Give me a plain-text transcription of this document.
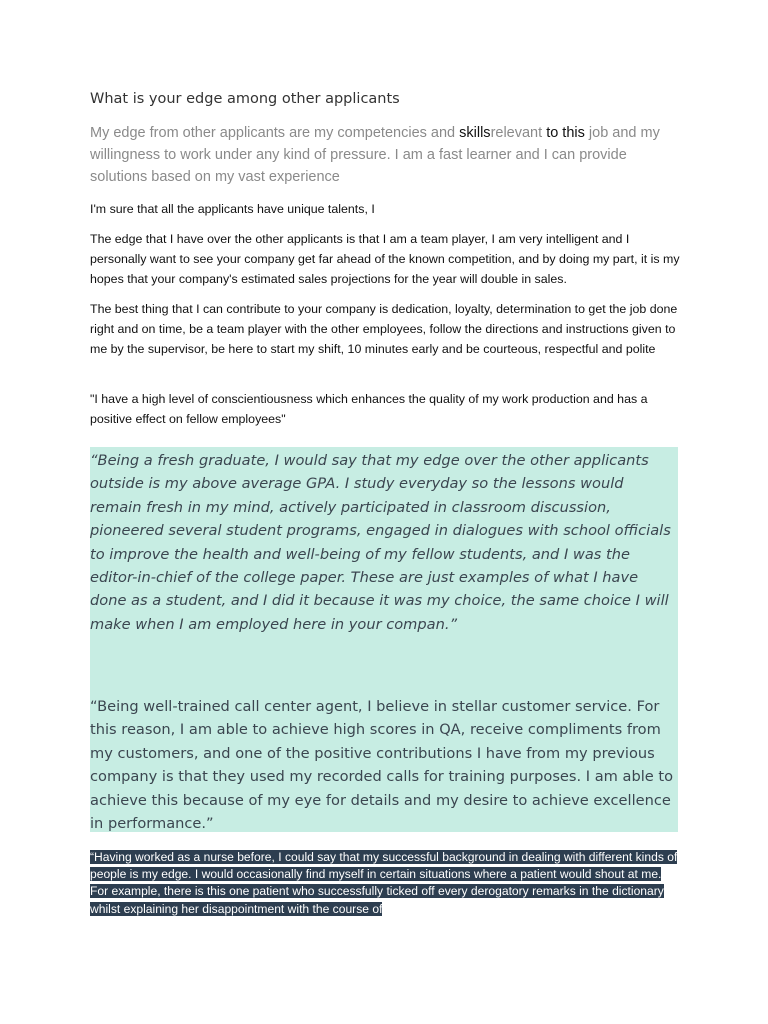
What is your edge among other applicants

My edge from other applicants are my competencies and skillsrelevant to this job and my willingness to work under any kind of pressure. I am a fast learner and I can provide solutions based on my vast experience

I'm sure that all the applicants have unique talents, I

The edge that I have over the other applicants is that I am a team player, I am very intelligent and I personally want to see your company get far ahead of the known competition, and by doing my part, it is my hopes that your company's estimated sales projections for the year will double in sales.

The best thing that I can contribute to your company is dedication, loyalty, determination to get the job done right and on time, be a team player with the other employees, follow the directions and instructions given to me by the supervisor, be here to start my shift, 10 minutes early and be courteous, respectful and polite

"I have a high level of conscientiousness which enhances the quality of my work production and has a positive effect on fellow employees"

“Being a fresh graduate, I would say that my edge over the other applicants outside is my above average GPA. I study everyday so the lessons would remain fresh in my mind, actively participated in classroom discussion, pioneered several student programs, engaged in dialogues with school officials to improve the health and well-being of my fellow students, and I was the editor-in-chief of the college paper. These are just examples of what I have done as a student, and I did it because it was my choice, the same choice I will make when I am employed here in your compan.”

“Being well-trained call center agent, I believe in stellar customer service. For this reason, I am able to achieve high scores in QA, receive compliments from my customers, and one of the positive contributions I have from my previous company is that they used my recorded calls for training purposes. I am able to achieve this because of my eye for details and my desire to achieve excellence in performance.”

“Having worked as a nurse before, I could say that my successful background in dealing with different kinds of people is my edge. I would occasionally find myself in certain situations where a patient would shout at me. For example, there is this one patient who successfully ticked off every derogatory remarks in the dictionary whilst explaining her disappointment with the course of
